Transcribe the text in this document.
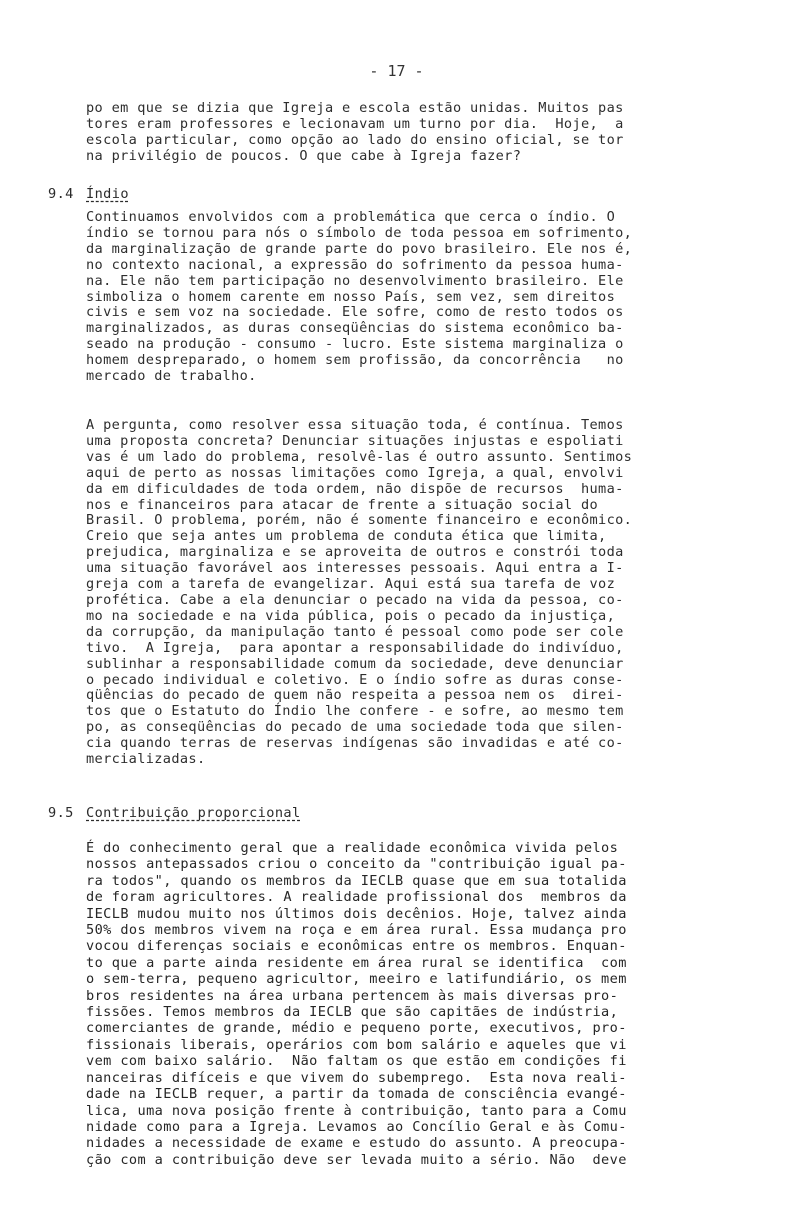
- 17 -
po em que se dizia que Igreja e escola estão unidas. Muitos pas
tores eram professores e lecionavam um turno por dia.  Hoje,  a
escola particular, como opção ao lado do ensino oficial, se tor
na privilégio de poucos. O que cabe à Igreja fazer?

9.4

Índio

Continuamos envolvidos com a problemática que cerca o índio. O
índio se tornou para nós o símbolo de toda pessoa em sofrimento,
da marginalização de grande parte do povo brasileiro. Ele nos é,
no contexto nacional, a expressão do sofrimento da pessoa huma-
na. Ele não tem participação no desenvolvimento brasileiro. Ele
simboliza o homem carente em nosso País, sem vez, sem direitos
civis e sem voz na sociedade. Ele sofre, como de resto todos os
marginalizados, as duras conseqüências do sistema econômico ba-
seado na produção - consumo - lucro. Este sistema marginaliza o
homem despreparado, o homem sem profissão, da concorrência   no
mercado de trabalho.
A pergunta, como resolver essa situação toda, é contínua. Temos
uma proposta concreta? Denunciar situações injustas e espoliati
vas é um lado do problema, resolvê-las é outro assunto. Sentimos
aqui de perto as nossas limitações como Igreja, a qual, envolvi
da em dificuldades de toda ordem, não dispõe de recursos  huma-
nos e financeiros para atacar de frente a situação social do
Brasil. O problema, porém, não é somente financeiro e econômico.
Creio que seja antes um problema de conduta ética que limita,
prejudica, marginaliza e se aproveita de outros e constrói toda
uma situação favorável aos interesses pessoais. Aqui entra a I-
greja com a tarefa de evangelizar. Aqui está sua tarefa de voz
profética. Cabe a ela denunciar o pecado na vida da pessoa, co-
mo na sociedade e na vida pública, pois o pecado da injustiça,
da corrupção, da manipulação tanto é pessoal como pode ser cole
tivo.  A Igreja,  para apontar a responsabilidade do indivíduo,
sublinhar a responsabilidade comum da sociedade, deve denunciar
o pecado individual e coletivo. E o índio sofre as duras conse-
qüências do pecado de quem não respeita a pessoa nem os  direi-
tos que o Estatuto do Índio lhe confere - e sofre, ao mesmo tem
po, as conseqüências do pecado de uma sociedade toda que silen-
cia quando terras de reservas indígenas são invadidas e até co-
mercializadas.

9.5

Contribuição proporcional

É do conhecimento geral que a realidade econômica vivida pelos
nossos antepassados criou o conceito da "contribuição igual pa-
ra todos", quando os membros da IECLB quase que em sua totalida
de foram agricultores. A realidade profissional dos  membros da
IECLB mudou muito nos últimos dois decênios. Hoje, talvez ainda
50% dos membros vivem na roça e em área rural. Essa mudança pro
vocou diferenças sociais e econômicas entre os membros. Enquan-
to que a parte ainda residente em área rural se identifica  com
o sem-terra, pequeno agricultor, meeiro e latifundiário, os mem
bros residentes na área urbana pertencem às mais diversas pro-
fissões. Temos membros da IECLB que são capitães de indústria,
comerciantes de grande, médio e pequeno porte, executivos, pro-
fissionais liberais, operários com bom salário e aqueles que vi
vem com baixo salário.  Não faltam os que estão em condições fi
nanceiras difíceis e que vivem do subemprego.  Esta nova reali-
dade na IECLB requer, a partir da tomada de consciência evangé-
lica, uma nova posição frente à contribuição, tanto para a Comu
nidade como para a Igreja. Levamos ao Concílio Geral e às Comu-
nidades a necessidade de exame e estudo do assunto. A preocupa-
ção com a contribuição deve ser levada muito a sério. Não  deve
